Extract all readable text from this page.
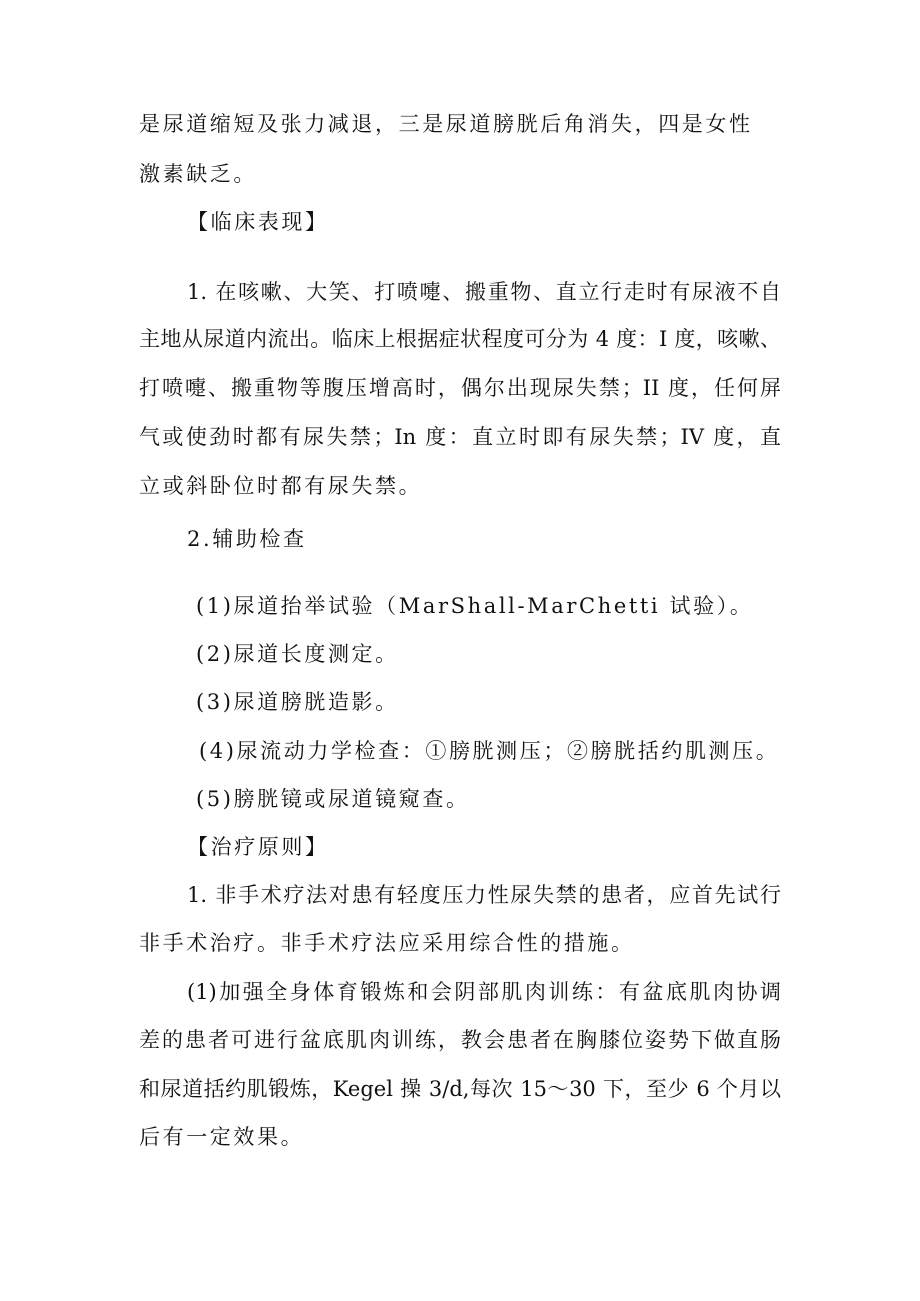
是尿道缩短及张力减退，三是尿道膀胱后角消失，四是女性
激素缺乏。
【临床表现】
1. 在咳嗽、大笑、打喷嚏、搬重物、直立行走时有尿液不自
主地从尿道内流出。临床上根据症状程度可分为 4 度：I 度，咳嗽、
打喷嚏、搬重物等腹压增高时，偶尔出现尿失禁；II 度，任何屏
气或使劲时都有尿失禁；In 度：直立时即有尿失禁；IV 度，直
立或斜卧位时都有尿失禁。
2.辅助检查
(1)尿道抬举试验（MarShall-MarChetti 试验）。
(2)尿道长度测定。
(3)尿道膀胱造影。
(4)尿流动力学检查：①膀胱测压；②膀胱括约肌测压。
(5)膀胱镜或尿道镜窥查。
【治疗原则】
1. 非手术疗法对患有轻度压力性尿失禁的患者，应首先试行
非手术治疗。非手术疗法应采用综合性的措施。
(1)加强全身体育锻炼和会阴部肌肉训练：有盆底肌肉协调
差的患者可进行盆底肌肉训练，教会患者在胸膝位姿势下做直肠
和尿道括约肌锻炼，Kegel 操 3/d,每次 15～30 下，至少 6 个月以
后有一定效果。
